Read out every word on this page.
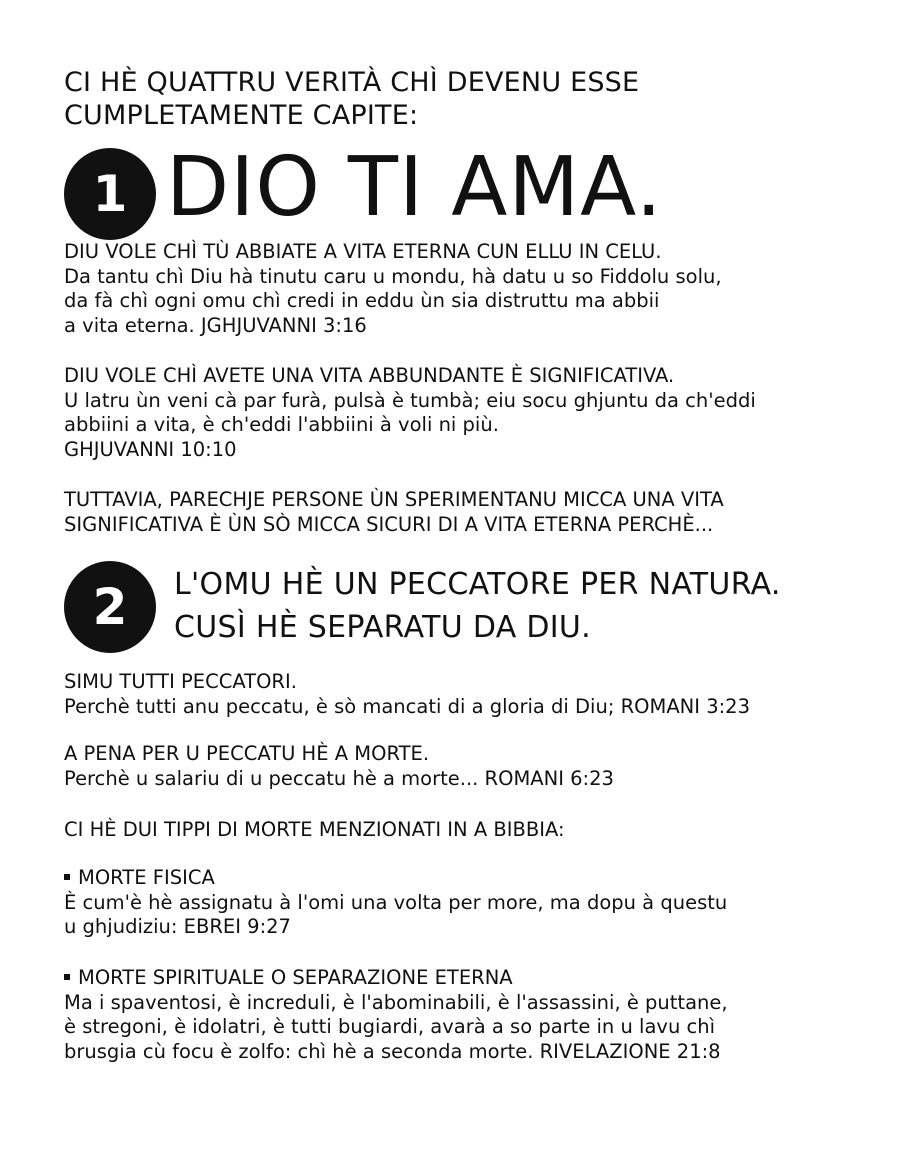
CI HÈ QUATTRU VERITÀ CHÌ DEVENU ESSE
CUMPLETAMENTE CAPITE:
1 DIO TI AMA.
DIU VOLE CHÌ TÙ ABBIATE A VITA ETERNA CUN ELLU IN CELU.
Da tantu chì Diu hà tinutu caru u mondu, hà datu u so Fiddolu solu,
da fà chì ogni omu chì credi in eddu ùn sia distruttu ma abbii
a vita eterna. JGHJUVANNI 3:16
DIU VOLE CHÌ AVETE UNA VITA ABBUNDANTE È SIGNIFICATIVA.
U latru ùn veni cà par furà, pulsà è tumbà; eiu socu ghjuntu da ch'eddi
abbiini a vita, è ch'eddi l'abbiini à voli ni più.
GHJUVANNI 10:10
TUTTAVIA, PARECHJE PERSONE ÙN SPERIMENTANU MICCA UNA VITA
SIGNIFICATIVA È ÙN SÒ MICCA SICURI DI A VITA ETERNA PERCHÈ...
2	L'OMU HÈ UN PECCATORE PER NATURA.
CUSÌ HÈ SEPARATU DA DIU.
SIMU TUTTI PECCATORI.
Perchè tutti anu peccatu, è sò mancati di a gloria di Diu; ROMANI 3:23
A PENA PER U PECCATU HÈ A MORTE.
Perchè u salariu di u peccatu hè a morte... ROMANI 6:23
CI HÈ DUI TIPPI DI MORTE MENZIONATI IN A BIBBIA:
MORTE FISICA
È cum'è hè assignatu à l'omi una volta per more, ma dopu à questu
u ghjudiziu: EBREI 9:27
MORTE SPIRITUALE O SEPARAZIONE ETERNA
Ma i spaventosi, è increduli, è l'abominabili, è l'assassini, è puttane,
è stregoni, è idolatri, è tutti bugiardi, avarà a so parte in u lavu chì
brusgia cù focu è zolfo: chì hè a seconda morte. RIVELAZIONE 21:8
